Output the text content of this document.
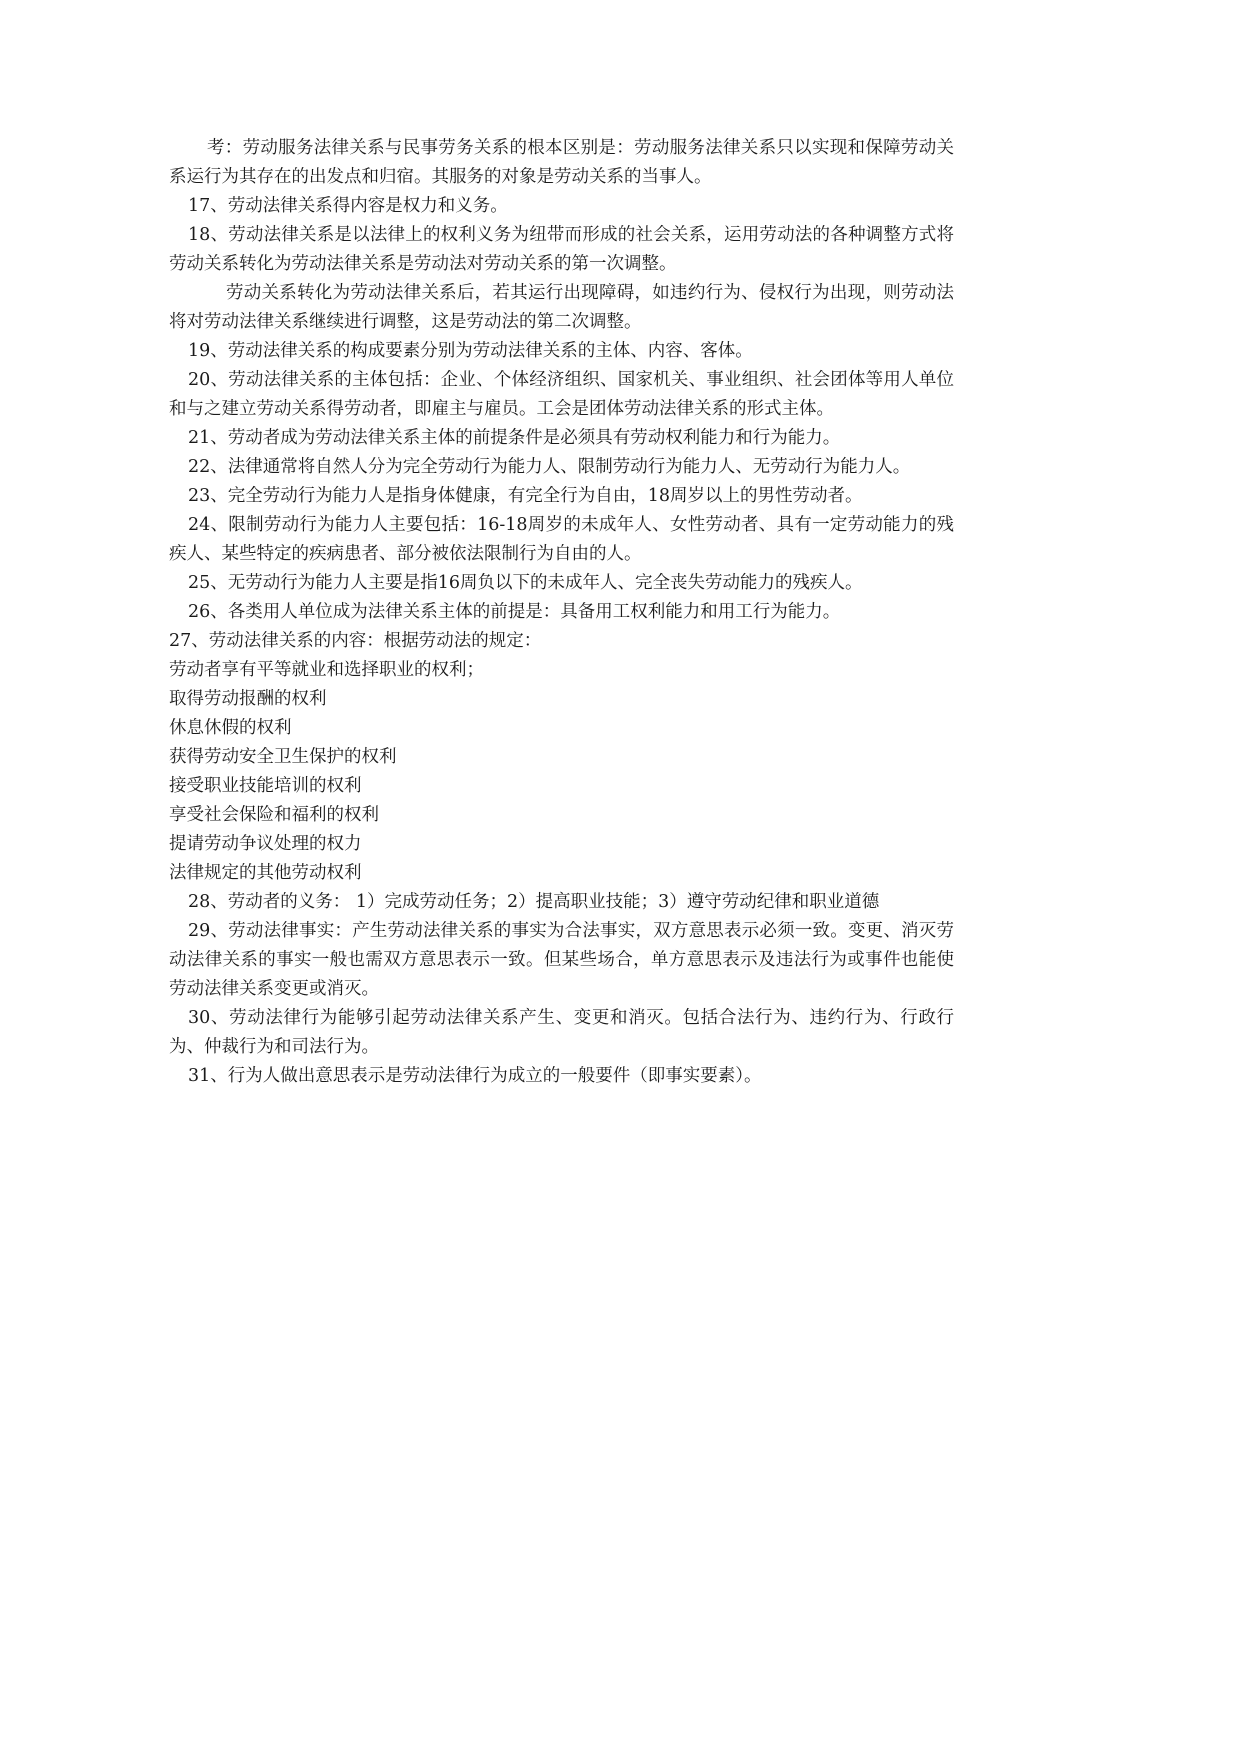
考：劳动服务法律关系与民事劳务关系的根本区别是：劳动服务法律关系只以实现和保障劳动关系运行为其存在的出发点和归宿。其服务的对象是劳动关系的当事人。

17、劳动法律关系得内容是权力和义务。

18、劳动法律关系是以法律上的权利义务为纽带而形成的社会关系，运用劳动法的各种调整方式将劳动关系转化为劳动法律关系是劳动法对劳动关系的第一次调整。

劳动关系转化为劳动法律关系后，若其运行出现障碍，如违约行为、侵权行为出现，则劳动法将对劳动法律关系继续进行调整，这是劳动法的第二次调整。

19、劳动法律关系的构成要素分别为劳动法律关系的主体、内容、客体。

20、劳动法律关系的主体包括：企业、个体经济组织、国家机关、事业组织、社会团体等用人单位和与之建立劳动关系得劳动者，即雇主与雇员。工会是团体劳动法律关系的形式主体。

21、劳动者成为劳动法律关系主体的前提条件是必须具有劳动权利能力和行为能力。

22、法律通常将自然人分为完全劳动行为能力人、限制劳动行为能力人、无劳动行为能力人。

23、完全劳动行为能力人是指身体健康，有完全行为自由，18周岁以上的男性劳动者。

24、限制劳动行为能力人主要包括：16-18周岁的未成年人、女性劳动者、具有一定劳动能力的残疾人、某些特定的疾病患者、部分被依法限制行为自由的人。

25、无劳动行为能力人主要是指16周负以下的未成年人、完全丧失劳动能力的残疾人。

26、各类用人单位成为法律关系主体的前提是：具备用工权利能力和用工行为能力。

27、劳动法律关系的内容：根据劳动法的规定：

劳动者享有平等就业和选择职业的权利；

取得劳动报酬的权利

休息休假的权利

获得劳动安全卫生保护的权利

接受职业技能培训的权利

享受社会保险和福利的权利

提请劳动争议处理的权力

法律规定的其他劳动权利

28、劳动者的义务： 1）完成劳动任务；2）提高职业技能；3）遵守劳动纪律和职业道德

29、劳动法律事实：产生劳动法律关系的事实为合法事实，双方意思表示必须一致。变更、消灭劳动法律关系的事实一般也需双方意思表示一致。但某些场合，单方意思表示及违法行为或事件也能使劳动法律关系变更或消灭。

30、劳动法律行为能够引起劳动法律关系产生、变更和消灭。包括合法行为、违约行为、行政行为、仲裁行为和司法行为。

31、行为人做出意思表示是劳动法律行为成立的一般要件（即事实要素）。
